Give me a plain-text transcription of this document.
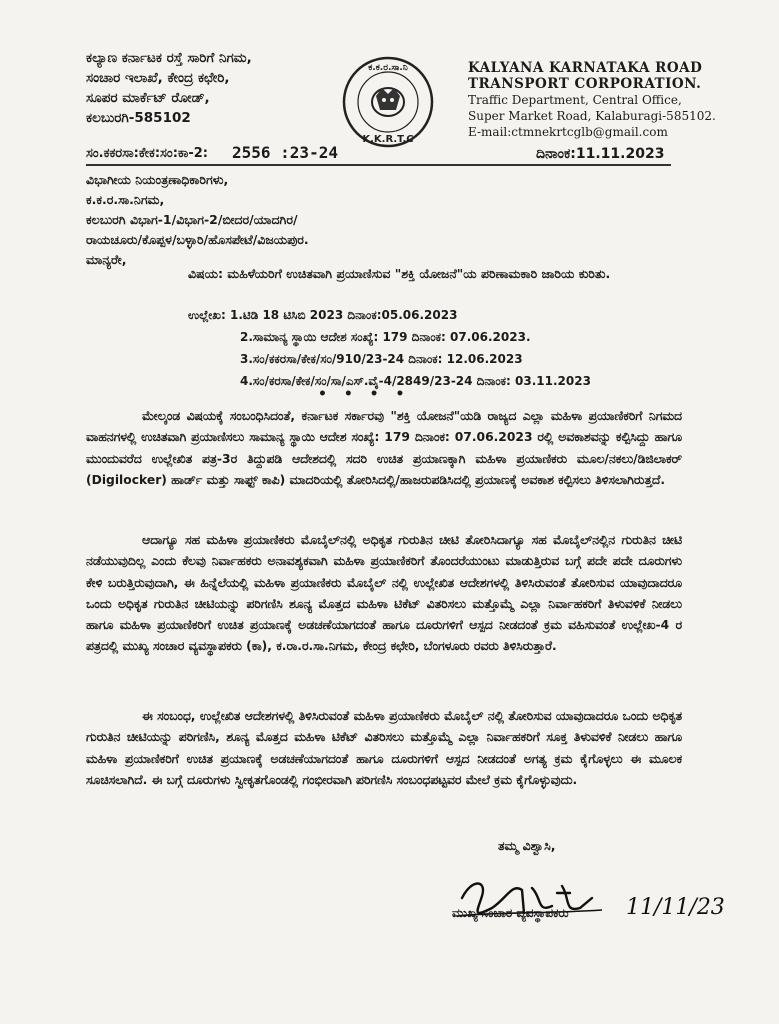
ಕಲ್ಯಾಣ ಕರ್ನಾಟಕ ರಸ್ತೆ ಸಾರಿಗೆ ನಿಗಮ,
ಸಂಚಾರ ಇಲಾಖೆ, ಕೇಂದ್ರ ಕಛೇರಿ,
ಸೂಪರ ಮಾರ್ಕೆಟ್ ರೋಡ್,
ಕಲಬುರಗಿ-585102
ಕ.ಕ.ರ.ಸಾ.ನಿ
K.K.R.T.C
KALYANA KARNATAKA ROAD
TRANSPORT CORPORATION.
Traffic Department, Central Office,
Super Market Road, Kalaburagi-585102.
E-mail:ctmnekrtcglb@gmail.com
ಸಂ.ಕಕರಸಾ:ಕೇಕ:ಸಂ:ಕಾ-2: 2556 :23-24	ದಿನಾಂಕ:11.11.2023
ವಿಭಾಗೀಯ ನಿಯಂತ್ರಣಾಧಿಕಾರಿಗಳು,
ಕ.ಕ.ರ.ಸಾ.ನಿಗಮ,
ಕಲಬುರಗಿ ವಿಭಾಗ-1/ವಿಭಾಗ-2/ಬೀದರ/ಯಾದಗಿರ/
ರಾಯಚೂರು/ಕೊಪ್ಪಳ/ಬಳ್ಳಾರಿ/ಹೊಸಪೇಟೆ/ವಿಜಯಪುರ.
ಮಾನ್ಯರೇ,
ವಿಷಯ: ಮಹಿಳೆಯರಿಗೆ ಉಚಿತವಾಗಿ ಪ್ರಯಾಣಿಸುವ "ಶಕ್ತಿ ಯೋಜನೆ"ಯ ಪರಿಣಾಮಕಾರಿ ಜಾರಿಯ ಕುರಿತು.
ಉಲ್ಲೇಖ: 1.ಟಿಡಿ 18 ಟಿಸಿಬಿ 2023 ದಿನಾಂಕ:05.06.2023
2.ಸಾಮಾನ್ಯ ಸ್ಥಾಯಿ ಆದೇಶ ಸಂಖ್ಯೆ: 179 ದಿನಾಂಕ: 07.06.2023.
3.ಸಂ/ಕಕರಸಾ/ಕೇಕ/ಸಂ/910/23-24 ದಿನಾಂಕ: 12.06.2023
4.ಸಂ/ಕರಸಾ/ಕೇಕ/ಸಂ/ಸಾ/ಎಸ್.ವೈ-4/2849/23-24 ದಿನಾಂಕ: 03.11.2023
• • • •
ಮೇಲ್ಕಂಡ ವಿಷಯಕ್ಕೆ ಸಂಬಂಧಿಸಿದಂತೆ, ಕರ್ನಾಟಕ ಸರ್ಕಾರವು "ಶಕ್ತಿ ಯೋಜನೆ"ಯಡಿ ರಾಜ್ಯದ ಎಲ್ಲಾ ಮಹಿಳಾ ಪ್ರಯಾಣಿಕರಿಗೆ ನಿಗಮದ ವಾಹನಗಳಲ್ಲಿ ಉಚಿತವಾಗಿ ಪ್ರಯಾಣಿಸಲು ಸಾಮಾನ್ಯ ಸ್ಥಾಯಿ ಆದೇಶ ಸಂಖ್ಯೆ: 179 ದಿನಾಂಕ: 07.06.2023 ರಲ್ಲಿ ಅವಕಾಶವನ್ನು ಕಲ್ಪಿಸಿದ್ದು ಹಾಗೂ ಮುಂದುವರೆದ ಉಲ್ಲೇಖಿತ ಪತ್ರ-3ರ ತಿದ್ದುಪಡಿ ಆದೇಶದಲ್ಲಿ ಸದರಿ ಉಚಿತ ಪ್ರಯಾಣಕ್ಕಾಗಿ ಮಹಿಳಾ ಪ್ರಯಾಣಿಕರು ಮೂಲ/ನಕಲು/ಡಿಜಿಲಾಕರ್ (Digilocker) ಹಾರ್ಡ್ ಮತ್ತು ಸಾಫ್ಟ್ ಕಾಪಿ) ಮಾದರಿಯಲ್ಲಿ ತೋರಿಸಿದಲ್ಲಿ/ಹಾಜರುಪಡಿಸಿದಲ್ಲಿ ಪ್ರಯಾಣಕ್ಕೆ ಅವಕಾಶ ಕಲ್ಪಿಸಲು ತಿಳಿಸಲಾಗಿರುತ್ತದೆ.
ಆದಾಗ್ಯೂ ಸಹ ಮಹಿಳಾ ಪ್ರಯಾಣಿಕರು ಮೊಬೈಲ್‌ನಲ್ಲಿ ಅಧಿಕೃತ ಗುರುತಿನ ಚೀಟಿ ತೋರಿಸಿದಾಗ್ಯೂ ಸಹ ಮೊಬೈಲ್‌ನಲ್ಲಿನ ಗುರುತಿನ ಚೀಟಿ ನಡೆಯುವುದಿಲ್ಲ ಎಂದು ಕೆಲವು ನಿರ್ವಾಹಕರು ಅನಾವಶ್ಯಕವಾಗಿ ಮಹಿಳಾ ಪ್ರಯಾಣಿಕರಿಗೆ ತೊಂದರೆಯುಂಟು ಮಾಡುತ್ತಿರುವ ಬಗ್ಗೆ ಪದೇ ಪದೇ ದೂರುಗಳು ಕೇಳಿ ಬರುತ್ತಿರುವುದಾಗಿ, ಈ ಹಿನ್ನೆಲೆಯಲ್ಲಿ ಮಹಿಳಾ ಪ್ರಯಾಣಿಕರು ಮೊಬೈಲ್ ನಲ್ಲಿ ಉಲ್ಲೇಖಿತ ಆದೇಶಗಳಲ್ಲಿ ತಿಳಿಸಿರುವಂತೆ ತೋರಿಸುವ ಯಾವುದಾದರೂ ಒಂದು ಅಧಿಕೃತ ಗುರುತಿನ ಚೀಟಿಯನ್ನು ಪರಿಗಣಿಸಿ ಶೂನ್ಯ ಮೊತ್ತದ ಮಹಿಳಾ ಟಿಕೆಟ್ ವಿತರಿಸಲು ಮತ್ತೊಮ್ಮೆ ಎಲ್ಲಾ ನಿರ್ವಾಹಕರಿಗೆ ತಿಳುವಳಿಕೆ ನೀಡಲು ಹಾಗೂ ಮಹಿಳಾ ಪ್ರಯಾಣಿಕರಿಗೆ ಉಚಿತ ಪ್ರಯಾಣಕ್ಕೆ ಅಡಚಣೆಯಾಗದಂತೆ ಹಾಗೂ ದೂರುಗಳಿಗೆ ಆಸ್ಪದ ನೀಡದಂತೆ ಕ್ರಮ ವಹಿಸುವಂತೆ ಉಲ್ಲೇಖ-4 ರ ಪತ್ರದಲ್ಲಿ ಮುಖ್ಯ ಸಂಚಾರ ವ್ಯವಸ್ಥಾಪಕರು (ಕಾ), ಕ.ರಾ.ರ.ಸಾ.ನಿಗಮ, ಕೇಂದ್ರ ಕಛೇರಿ, ಬೆಂಗಳೂರು ರವರು ತಿಳಿಸಿರುತ್ತಾರೆ.
ಈ ಸಂಬಂಧ, ಉಲ್ಲೇಖಿತ ಆದೇಶಗಳಲ್ಲಿ ತಿಳಿಸಿರುವಂತೆ ಮಹಿಳಾ ಪ್ರಯಾಣಿಕರು ಮೊಬೈಲ್ ನಲ್ಲಿ ತೋರಿಸುವ ಯಾವುದಾದರೂ ಒಂದು ಅಧಿಕೃತ ಗುರುತಿನ ಚೀಟಿಯನ್ನು ಪರಿಗಣಿಸಿ, ಶೂನ್ಯ ಮೊತ್ತದ ಮಹಿಳಾ ಟಿಕೆಟ್ ವಿತರಿಸಲು ಮತ್ತೊಮ್ಮೆ ಎಲ್ಲಾ ನಿರ್ವಾಹಕರಿಗೆ ಸೂಕ್ತ ತಿಳುವಳಿಕೆ ನೀಡಲು ಹಾಗೂ ಮಹಿಳಾ ಪ್ರಯಾಣಿಕರಿಗೆ ಉಚಿತ ಪ್ರಯಾಣಕ್ಕೆ ಅಡಚಣೆಯಾಗದಂತೆ ಹಾಗೂ ದೂರುಗಳಿಗೆ ಆಸ್ಪದ ನೀಡದಂತೆ ಅಗತ್ಯ ಕ್ರಮ ಕೈಗೊಳ್ಳಲು ಈ ಮೂಲಕ ಸೂಚಿಸಲಾಗಿದೆ. ಈ ಬಗ್ಗೆ ದೂರುಗಳು ಸ್ವೀಕೃತಗೊಂಡಲ್ಲಿ ಗಂಭೀರವಾಗಿ ಪರಿಗಣಿಸಿ ಸಂಬಂಧಪಟ್ಟವರ ಮೇಲೆ ಕ್ರಮ ಕೈಗೊಳ್ಳುವುದು.
ತಮ್ಮ ವಿಶ್ವಾಸಿ,
11/11/23
ಮುಖ್ಯ ಸಂಚಾರ ವ್ಯವಸ್ಥಾಪಕರು
